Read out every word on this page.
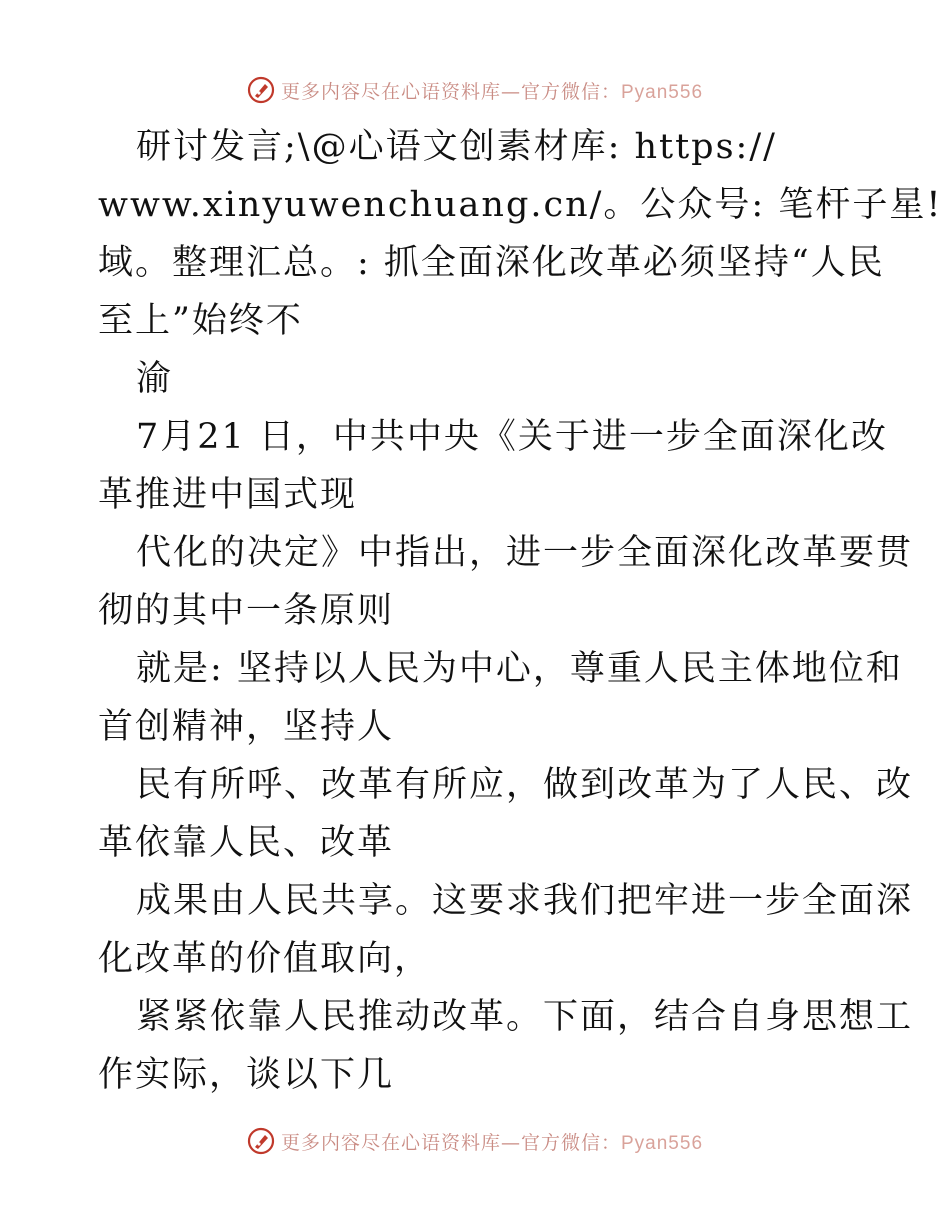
更多内容尽在心语资料库—官方微信：Pyan556
研讨发言;\@心语文创素材库: https://
www.xinyuwenchuang.cn/。公众号: 笔杆子星!
域。整理汇总。: 抓全面深化改革必须坚持“人民
至上”始终不
渝
7月21 日，中共中央《关于进一步全面深化改
革推进中国式现
代化的决定》中指出，进一步全面深化改革要贯
彻的其中一条原则
就是: 坚持以人民为中心，尊重人民主体地位和
首创精神，坚持人
民有所呼、改革有所应，做到改革为了人民、改
革依靠人民、改革
成果由人民共享。这要求我们把牢进一步全面深
化改革的价值取向，
紧紧依靠人民推动改革。下面，结合自身思想工
作实际，谈以下几
更多内容尽在心语资料库—官方微信：Pyan556
